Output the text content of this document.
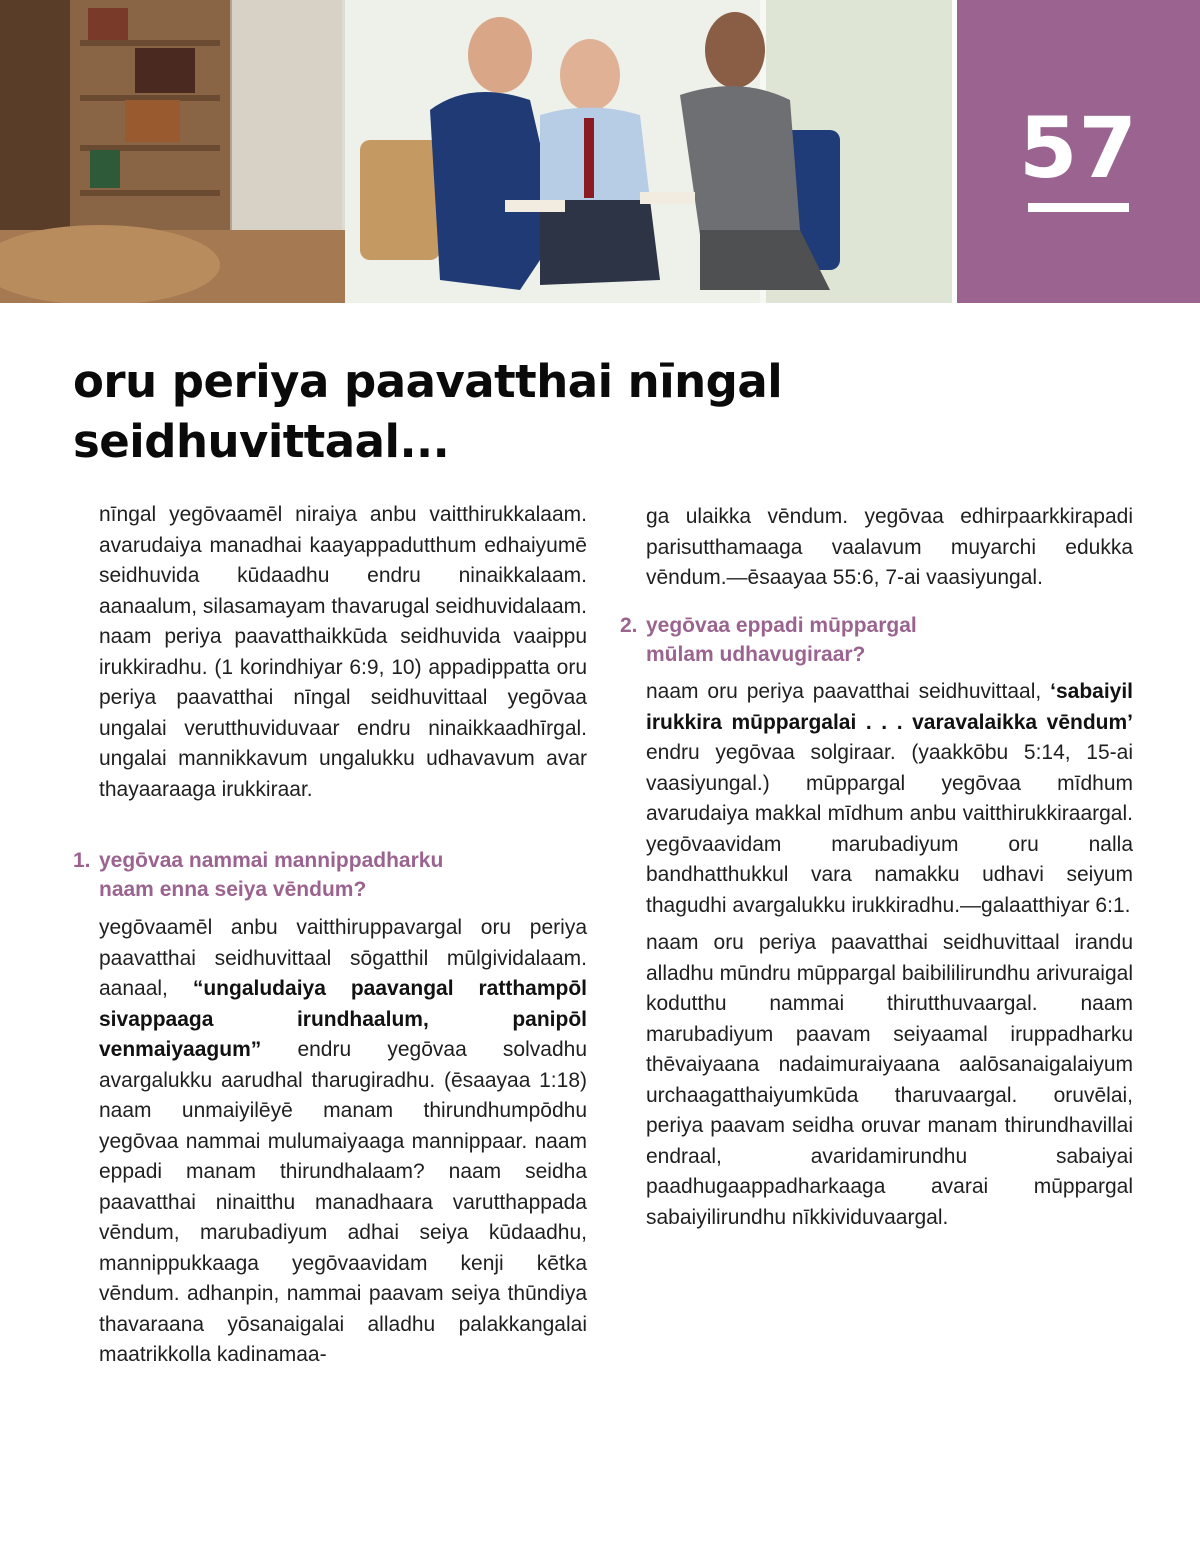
57
oru periya paavatthai nīngal
seidhuvittaal...

nīngal yegōvaamēl niraiya anbu vaitthirukkalaam. avarudaiya manadhai kaayappadutthum edhaiyumē seidhuvida kūdaadhu endru ninaikkalaam. aanaalum, silasamayam thavarugal seidhuvidalaam. naam periya paavatthaikkūda seidhuvida vaaippu irukkiradhu. (1 korindhiyar 6:9, 10) appadippatta oru periya paavatthai nīngal seidhuvittaal yegōvaa ungalai verutthuviduvaar endru ninaikkaadhīrgal. ungalai mannikkavum ungalukku udhavavum avar thayaaraaga irukkiraar.

1. yegōvaa nammai mannippadharku
naam enna seiya vēndum?

yegōvaamēl anbu vaitthiruppavargal oru periya paavatthai seidhuvittaal sōgatthil mūlgividalaam. aanaal, “ungaludaiya paavangal ratthampōl sivappaaga irundhaalum, panipōl venmaiyaagum” endru yegōvaa solvadhu avargalukku aarudhal tharugiradhu. (ēsaayaa 1:18) naam unmaiyilēyē manam thirundhumpōdhu yegōvaa nammai mulumaiyaaga mannippaar. naam eppadi manam thirundhalaam? naam seidha paavatthai ninaitthu manadhaara varutthappada vēndum, marubadiyum adhai seiya kūdaadhu, mannippukkaaga yegōvaavidam kenji kētka vēndum. adhanpin, nammai paavam seiya thūndiya thavaraana yōsanaigalai alladhu palakkangalai maatrikkolla kadinamaa-

ga ulaikka vēndum. yegōvaa edhirpaarkkirapadi parisutthamaaga vaalavum muyarchi edukka vēndum.—ēsaayaa 55:6, 7-ai vaasiyungal.

2. yegōvaa eppadi mūppargal
mūlam udhavugiraar?

naam oru periya paavatthai seidhuvittaal, ‘sabaiyil irukkira mūppargalai . . . varavalaikka vēndum’ endru yegōvaa solgiraar. (yaakkōbu 5:14, 15-ai vaasiyungal.) mūppargal yegōvaa mīdhum avarudaiya makkal mīdhum anbu vaitthirukkiraargal. yegōvaavidam marubadiyum oru nalla bandhatthukkul vara namakku udhavi seiyum thagudhi avargalukku irukkiradhu.—galaatthiyar 6:1.

naam oru periya paavatthai seidhuvittaal irandu alladhu mūndru mūppargal baibililirundhu arivuraigal kodutthu nammai thirutthuvaargal. naam marubadiyum paavam seiyaamal iruppadharku thēvaiyaana nadaimuraiyaana aalōsanaigalaiyum urchaagatthaiyumkūda tharuvaargal. oruvēlai, periya paavam seidha oruvar manam thirundhavillai endraal, avaridamirundhu sabaiyai paadhugaappadharkaaga avarai mūppargal sabaiyilirundhu nīkkividuvaargal.
